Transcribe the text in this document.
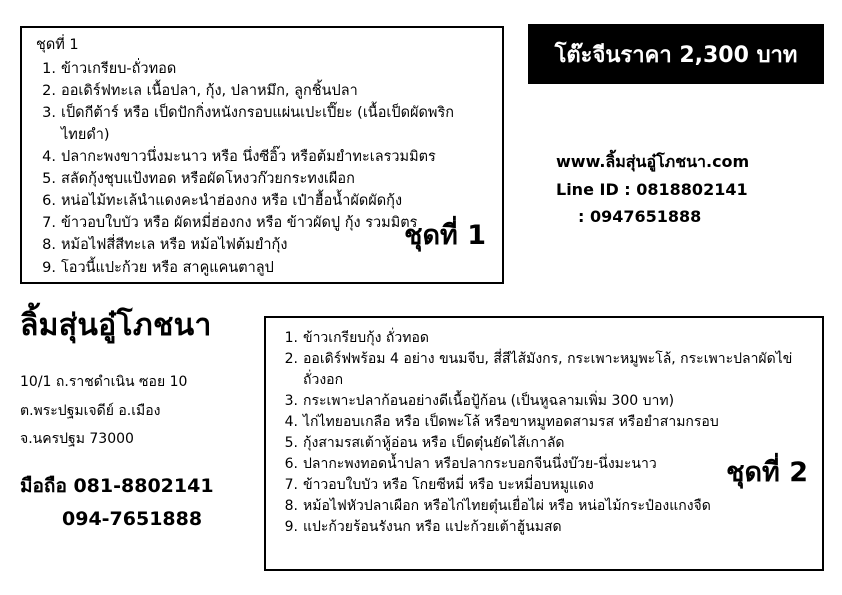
โต๊ะจีนราคา 2,300 บาท
ชุดที่ 1
1. ข้าวเกรียบ-ถั่วทอด
2. ออเดิร์ฟทะเล เนื้อปลา, กุ้ง, ปลาหมึก, ลูกชิ้นปลา
3. เป็ดกีต้าร์ หรือ เป็ดปักกิ่งหนังกรอบแผ่นเปะเปี๊ยะ (เนื้อเป็ดผัดพริกไทยดำ)
4. ปลากะพงขาวนึ่งมะนาว หรือ นึ่งซีอิ๊ว หรือต้มยำทะเลรวมมิตร
5. สลัดกุ้งชุบแป้งทอด หรือผัดโหงวก๊วยกระทงเผือก
6. หน่อไม้ทะเล้นำแดงคะนำฮ่องกง หรือ เป๋าฮื้อน้ำผัดผัดกุ้ง
7. ข้าวอบใบบัว หรือ ผัดหมี่ฮ่องกง หรือ ข้าวผัดปู กุ้ง รวมมิตร
8. หม้อไฟสี่สีทะเล หรือ หม้อไฟต้มยำกุ้ง
9. โอวนี้แปะก้วย หรือ สาคูแคนตาลูป
ชุดที่ 1
www.ลิ้มสุ่นอู๋โภชนา.com
Line ID : 0818802141
: 0947651888
ลิ้มสุ่นอู๋โภชนา
10/1 ถ.ราชดำเนิน ซอย 10
ต.พระปฐมเจดีย์ อ.เมือง
จ.นครปฐม 73000
มือถือ 081-8802141
094-7651888
1. ข้าวเกรียบกุ้ง ถั่วทอด
2. ออเดิร์ฟพร้อม 4 อย่าง ขนมจีบ, สี่สีไส้มังกร, กระเพาะหมูพะโล้, กระเพาะปลาผัดไข่ถั่วงอก
3. กระเพาะปลาก้อนอย่างดีเนื้อปู้ก้อน (เป็นหูฉลามเพิ่ม 300 บาท)
4. ไก่ไทยอบเกลือ หรือ เป็ดพะโล้ หรือขาหมูทอดสามรส หรือยำสามกรอบ
5. กุ้งสามรสเต้าหู้อ่อน หรือ เป็ดตุ๋นยัดไส้เกาลัด
6. ปลากะพงทอดน้ำปลา หรือปลากระบอกจีนนึ่งบ๊วย-นึ่งมะนาว
7. ข้าวอบใบบัว หรือ โกยซีหมี่ หรือ บะหมี่อบหมูแดง
8. หม้อไฟหัวปลาเผือก หรือไก่ไทยตุ๋นเยื่อไผ่ หรือ หน่อไม้กระป๋องแกงจืด
9. แปะก้วยร้อนรังนก หรือ แปะก้วยเต้าฮู้นมสด
ชุดที่ 2
